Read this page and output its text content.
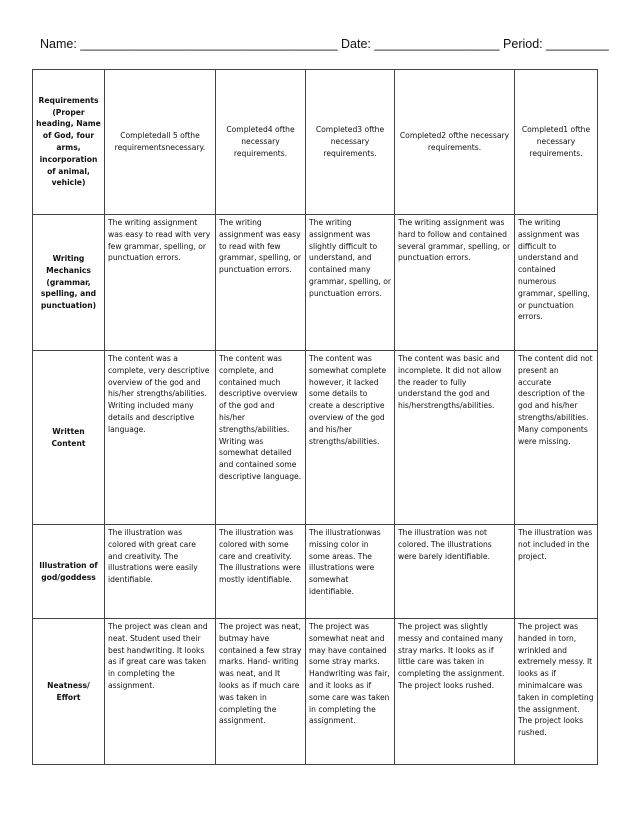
Name: _____________________________________ Date: __________________ Period: _________
Requirements (Proper heading, Name of God, four arms, incorporation of animal, vehicle)	Completedall 5 ofthe requirementsnecessary.	Completed4 ofthe necessary requirements.	Completed3 ofthe necessary requirements.	Completed2 ofthe necessary requirements.	Completed1 ofthe necessary requirements.
Writing Mechanics (grammar, spelling, and punctuation)	The writing assignment was easy to read with very few grammar, spelling, or punctuation errors.	The writing assignment was easy to read with few grammar, spelling, or punctuation errors.	The writing assignment was slightly difficult to understand, and contained many grammar, spelling, or punctuation errors.	The writing assignment was hard to follow and contained several grammar, spelling, or punctuation errors.	The writing assignment was difficult to understand and contained numerous grammar, spelling, or punctuation errors.
Written Content	The content was a complete, very descriptive overview of the god and his/her strengths/abilities. Writing included many details and descriptive language.	The content was complete, and contained much descriptive overview of the god and his/her strengths/abilities. Writing was somewhat detailed and contained some descriptive language.	The content was somewhat complete however, it lacked some details to create a descriptive overview of the god and his/her strengths/abilities.	The content was basic and incomplete. It did not allow the reader to fully understand the god and his/herstrengths/abilities.	The content did not present an accurate description of the god and his/her strengths/abilities. Many components were missing.
Illustration of god/goddess	The illustration was colored with great care and creativity. The illustrations were easily identifiable.	The illustration was colored with some care and creativity. The illustrations were mostly identifiable.	The illustrationwas missing color in some areas. The illustrations were somewhat identifiable.	The illustration was not colored. The illustrations were barely identifiable.	The illustration was not included in the project.
Neatness/ Effort	The project was clean and neat. Student used their best handwriting. It looks as if great care was taken in completing the assignment.	The project was neat, butmay have contained a few stray marks. Hand- writing was neat, and It looks as if much care was taken in completing the assignment.	The project was somewhat neat and may have contained some stray marks. Handwriting was fair, and it looks as if some care was taken in completing the assignment.	The project was slightly messy and contained many stray marks. It looks as if little care was taken in completing the assignment. The project looks rushed.	The project was handed in torn, wrinkled and extremely messy. It looks as if minimalcare was taken in completing the assignment. The project looks rushed.
